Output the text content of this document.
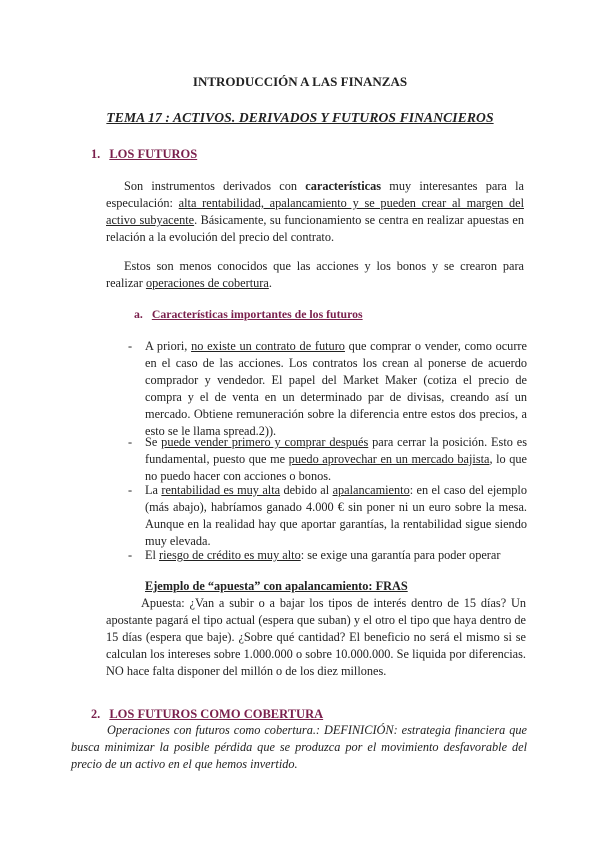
INTRODUCCIÓN A LAS FINANZAS
TEMA 17 : ACTIVOS. DERIVADOS Y FUTUROS FINANCIEROS
1. LOS FUTUROS
Son instrumentos derivados con características muy interesantes para la especulación: alta rentabilidad, apalancamiento y se pueden crear al margen del activo subyacente. Básicamente, su funcionamiento se centra en realizar apuestas en relación a la evolución del precio del contrato.
Estos son menos conocidos que las acciones y los bonos y se crearon para realizar operaciones de cobertura.
a. Características importantes de los futuros
- A priori, no existe un contrato de futuro que comprar o vender, como ocurre en el caso de las acciones. Los contratos los crean al ponerse de acuerdo comprador y vendedor. El papel del Market Maker (cotiza el precio de compra y el de venta en un determinado par de divisas, creando así un mercado. Obtiene remuneración sobre la diferencia entre estos dos precios, a esto se le llama spread.2)).
- Se puede vender primero y comprar después para cerrar la posición. Esto es fundamental, puesto que me puedo aprovechar en un mercado bajista, lo que no puedo hacer con acciones o bonos.
- La rentabilidad es muy alta debido al apalancamiento: en el caso del ejemplo (más abajo), habríamos ganado 4.000 € sin poner ni un euro sobre la mesa. Aunque en la realidad hay que aportar garantías, la rentabilidad sigue siendo muy elevada.
- El riesgo de crédito es muy alto: se exige una garantía para poder operar
Ejemplo de “apuesta” con apalancamiento: FRAS
Apuesta: ¿Van a subir o a bajar los tipos de interés dentro de 15 días? Un apostante pagará el tipo actual (espera que suban) y el otro el tipo que haya dentro de 15 días (espera que baje). ¿Sobre qué cantidad? El beneficio no será el mismo si se calculan los intereses sobre 1.000.000 o sobre 10.000.000. Se liquida por diferencias. NO hace falta disponer del millón o de los diez millones.
2. LOS FUTUROS COMO COBERTURA
Operaciones con futuros como cobertura.: DEFINICIÓN: estrategia financiera que busca minimizar la posible pérdida que se produzca por el movimiento desfavorable del precio de un activo en el que hemos invertido.
